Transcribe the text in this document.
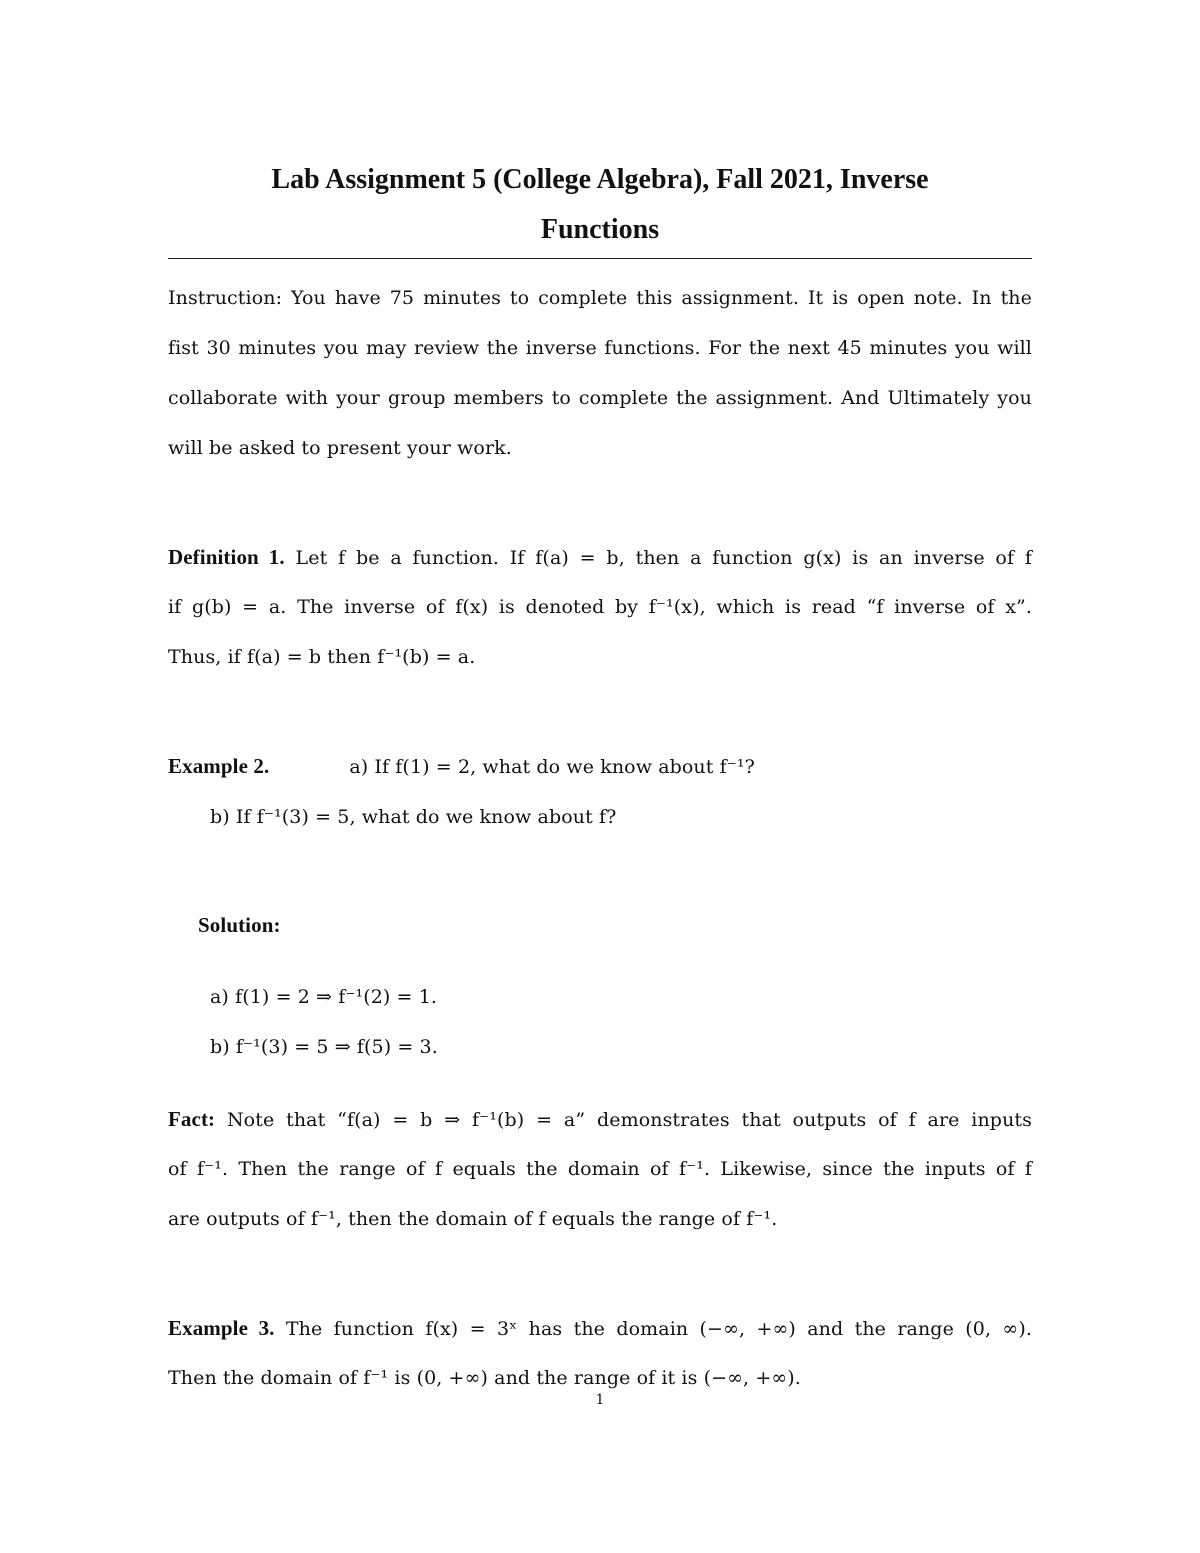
Lab Assignment 5 (College Algebra), Fall 2021, Inverse
Functions
Instruction: You have 75 minutes to complete this assignment. It is open note. In the
fist 30 minutes you may review the inverse functions. For the next 45 minutes you will
collaborate with your group members to complete the assignment. And Ultimately you
will be asked to present your work.
Definition 1. Let f be a function. If f(a) = b, then a function g(x) is an inverse of f
if g(b) = a. The inverse of f(x) is denoted by f⁻¹(x), which is read “f inverse of x”.
Thus, if f(a) = b then f⁻¹(b) = a.
Example 2.	a) If f(1) = 2, what do we know about f⁻¹?
b) If f⁻¹(3) = 5, what do we know about f?
Solution:
a) f(1) = 2 ⇒ f⁻¹(2) = 1.
b) f⁻¹(3) = 5 ⇒ f(5) = 3.
Fact: Note that “f(a) = b ⇒ f⁻¹(b) = a” demonstrates that outputs of f are inputs
of f⁻¹. Then the range of f equals the domain of f⁻¹. Likewise, since the inputs of f
are outputs of f⁻¹, then the domain of f equals the range of f⁻¹.
Example 3. The function f(x) = 3ˣ has the domain (−∞, +∞) and the range (0, ∞).
Then the domain of f⁻¹ is (0, +∞) and the range of it is (−∞, +∞).
1
